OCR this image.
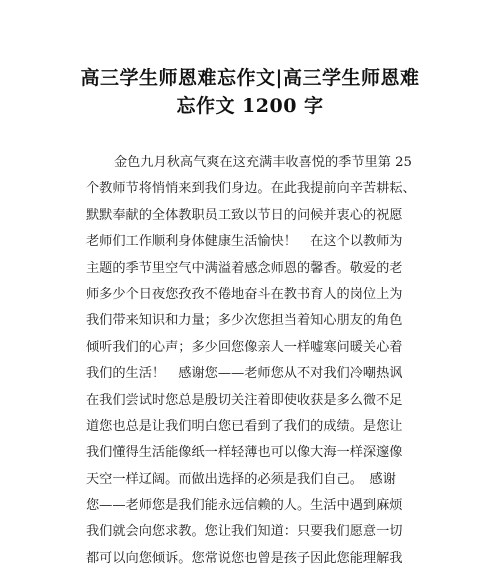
高三学生师恩难忘作文|高三学生师恩难
忘作文 1200 字
金色九月秋高气爽在这充满丰收喜悦的季节里第 25
个教师节将悄悄来到我们身边。在此我提前向辛苦耕耘、
默默奉献的全体教职员工致以节日的问候并衷心的祝愿
老师们工作顺利身体健康生活愉快！　在这个以教师为
主题的季节里空气中满溢着感念师恩的馨香。敬爱的老
师多少个日夜您孜孜不倦地奋斗在教书育人的岗位上为
我们带来知识和力量；多少次您担当着知心朋友的角色
倾听我们的心声；多少回您像亲人一样嘘寒问暖关心着
我们的生活！　感谢您——老师您从不对我们冷嘲热讽
在我们尝试时您总是殷切关注着即使收获是多么微不足
道您也总是让我们明白您已看到了我们的成绩。是您让
我们懂得生活能像纸一样轻薄也可以像大海一样深邃像
天空一样辽阔。而做出选择的必须是我们自己。　感谢
您——老师您是我们能永远信赖的人。生活中遇到麻烦
我们就会向您求教。您让我们知道：只要我们愿意一切
都可以向您倾诉。您常说您也曾是孩子因此您能理解我
